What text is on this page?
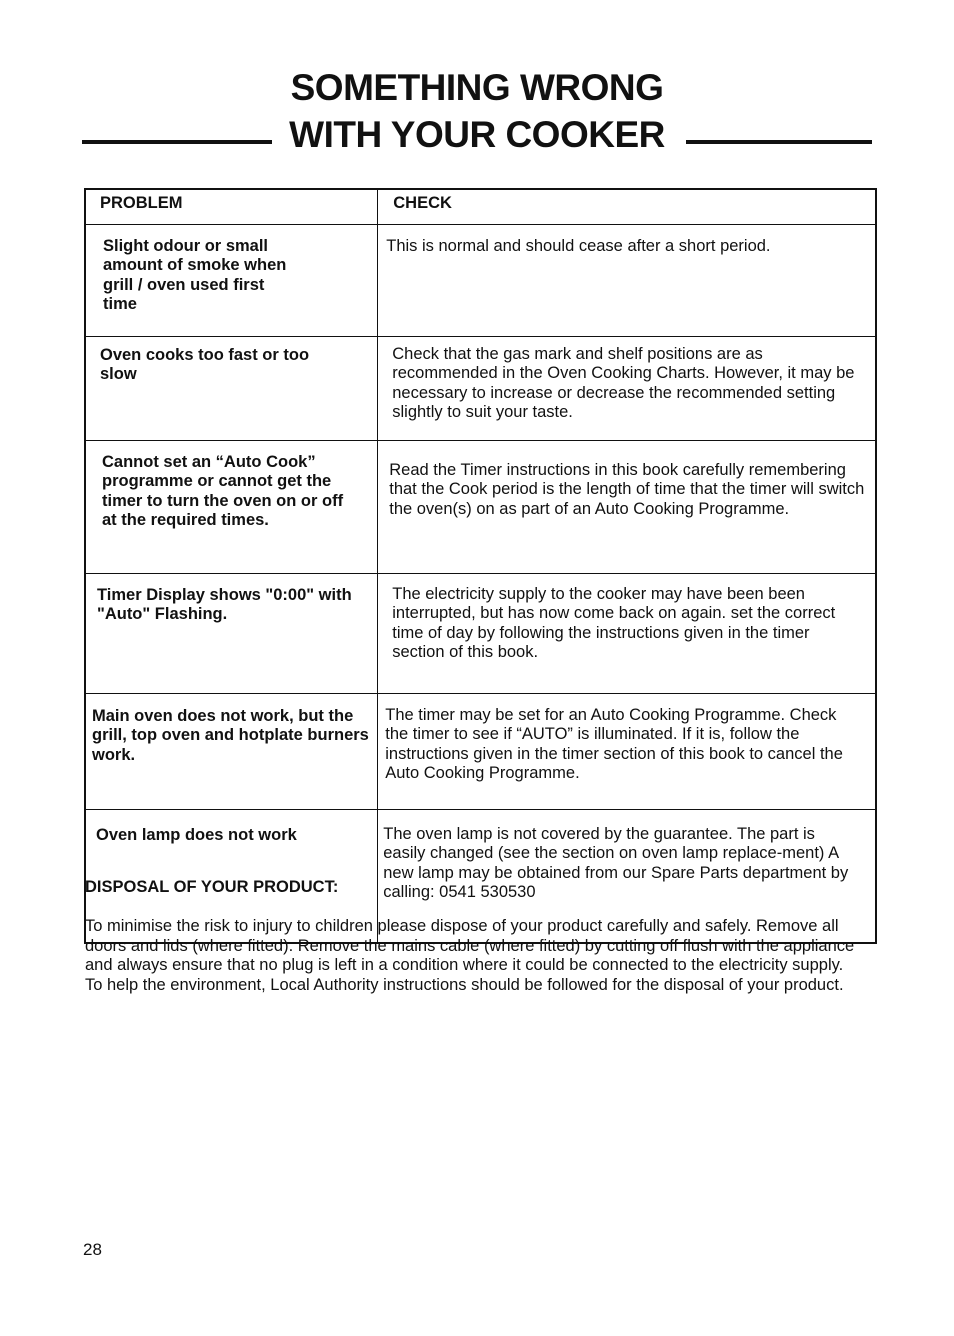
SOMETHING WRONG
WITH YOUR COOKER
PROBLEM	CHECK
Slight odour or small amount of smoke when grill / oven used first time	This is normal and should cease after a short period.
Oven cooks too fast or too slow	Check that the gas mark and shelf positions are as recommended in the Oven Cooking Charts. However, it may be necessary to increase or decrease the recommended setting slightly to suit your taste.
Cannot set an “Auto Cook” programme or cannot get the timer to turn the oven on or off at the required times.	Read the Timer instructions in this book carefully remembering that the Cook period is the length of time that the timer will switch the oven(s) on as part of an Auto Cooking Programme.
Timer Display shows "0:00" with "Auto" Flashing.	The electricity supply to the cooker may have been been interrupted, but has now come back on again. set the correct time of day by following the instructions given in the timer section of this book.
Main oven does not work, but the grill, top oven and hotplate burners work.	The timer may be set for an Auto Cooking Programme. Check the timer to see if “AUTO” is illuminated. If it is, follow the instructions given in the timer section of this book to cancel the Auto Cooking Programme.
Oven lamp does not work	The oven lamp is not covered by the guarantee. The part is easily changed (see the section on oven lamp replace-ment) A new lamp may be obtained from our Spare Parts department by calling: 0541 530530
DISPOSAL OF YOUR PRODUCT:

To minimise the risk to injury to children please dispose of your product carefully and safely. Remove all doors and lids (where fitted). Remove the mains cable (where fitted) by cutting off flush with the appliance and always ensure that no plug is left in a condition where it could be connected to the electricity supply.

To help the environment, Local Authority instructions should be followed for the disposal of your product.

28
